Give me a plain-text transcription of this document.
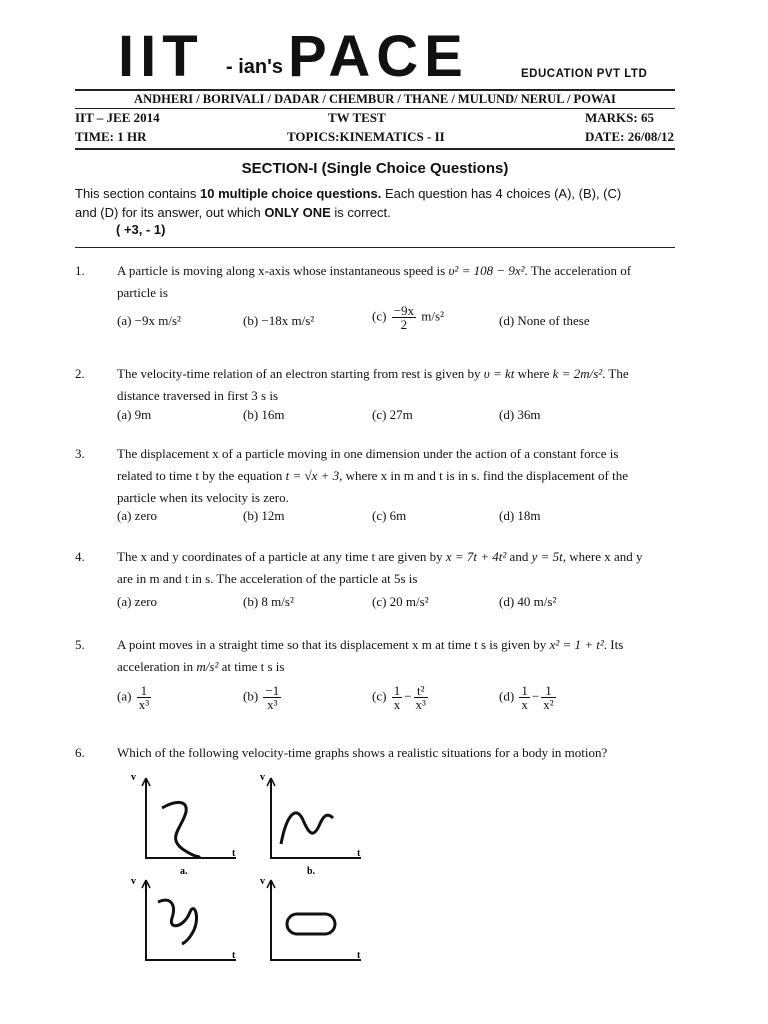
IIT - ian's PACE	EDUCATION PVT LTD
ANDHERI / BORIVALI / DADAR / CHEMBUR / THANE / MULUND/ NERUL / POWAI
IIT – JEE 2014	TW TEST	MARKS: 65
TIME: 1 HR	TOPICS:KINEMATICS - II	DATE: 26/08/12
SECTION-I (Single Choice Questions)
This section contains 10 multiple choice questions. Each question has 4 choices (A), (B), (C)
and (D) for its answer, out which ONLY ONE is correct.
( +3, - 1)
1. A particle is moving along x-axis whose instantaneous speed is υ² = 108 − 9x². The acceleration of
particle is
(a) −9x m/s²	(b) −18x m/s²	$(c) \frac{-9x}{2} m/s^2$	(d) None of these
2. The velocity-time relation of an electron starting from rest is given by υ = kt where k = 2m/s². The
distance traversed in first 3 s is
(a) 9m	(b) 16m	(c) 27m	(d) 36m
3. The displacement x of a particle moving in one dimension under the action of a constant force is
related to time t by the equation t = √x + 3, where x in m and t is in s. find the displacement of the
particle when its velocity is zero.
(a) zero	(b) 12m	(c) 6m	(d) 18m
4. The x and y coordinates of a particle at any time t are given by x = 7t + 4t² and y = 5t, where x and y
are in m and t in s. The acceleration of the particle at 5s is
(a) zero	(b) 8 m/s²	(c) 20 m/s²	(d) 40 m/s²
5. A point moves in a straight time so that its displacement x m at time t s is given by x² = 1 + t². Its
acceleration in m/s² at time t s is
$(a) \frac{1}{\text{x³}}$	$(b) \frac{-1}{\text{x³}}$	$(c) \frac{1}{x} - \frac{\text{t²}}{\text{x³}}$	$(d) \frac{1}{x} - \frac{1}{\text{x²}}$
6. Which of the following velocity-time graphs shows a realistic situations for a body in motion?
v
t
a.
v
t
b.
v
t
v
t
